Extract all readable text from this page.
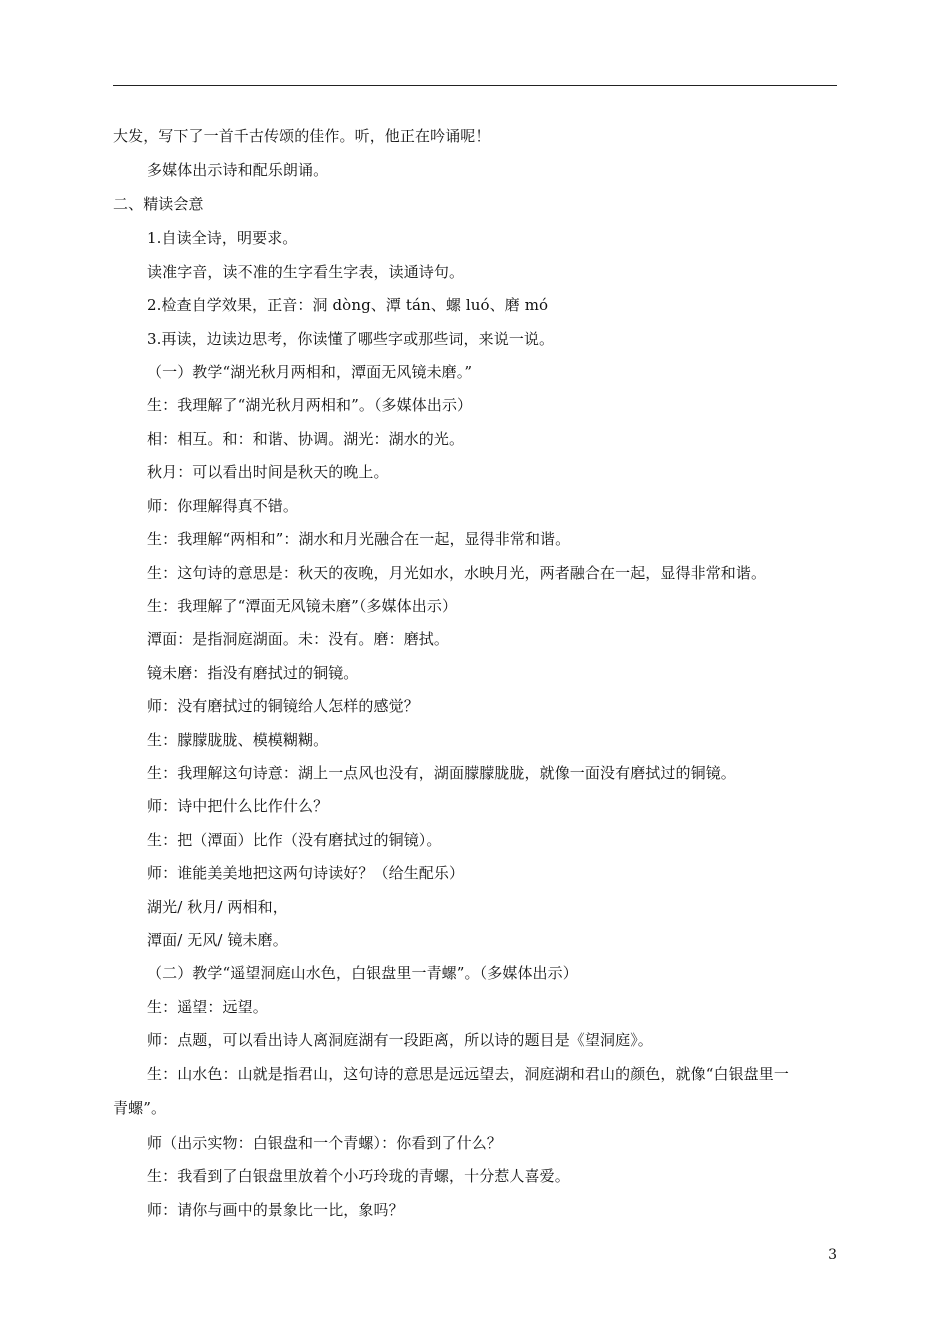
大发，写下了一首千古传颂的佳作。听，他正在吟诵呢！
多媒体出示诗和配乐朗诵。
二、精读会意
1.自读全诗，明要求。
读准字音，读不准的生字看生字表，读通诗句。
2.检查自学效果，正音：洞 dòng、潭 tán、螺 luó、磨 mó
3.再读，边读边思考，你读懂了哪些字或那些词，来说一说。
（一）教学“湖光秋月两相和，潭面无风镜未磨。”
生：我理解了“湖光秋月两相和”。（多媒体出示）
相：相互。和：和谐、协调。湖光：湖水的光。
秋月：可以看出时间是秋天的晚上。
师：你理解得真不错。
生：我理解“两相和”：湖水和月光融合在一起，显得非常和谐。
生：这句诗的意思是：秋天的夜晚，月光如水，水映月光，两者融合在一起，显得非常和谐。
生：我理解了“潭面无风镜未磨”（多媒体出示）
潭面：是指洞庭湖面。未：没有。磨：磨拭。
镜未磨：指没有磨拭过的铜镜。
师：没有磨拭过的铜镜给人怎样的感觉？
生：朦朦胧胧、模模糊糊。
生：我理解这句诗意：湖上一点风也没有，湖面朦朦胧胧，就像一面没有磨拭过的铜镜。
师：诗中把什么比作什么？
生：把（潭面）比作（没有磨拭过的铜镜）。
师：谁能美美地把这两句诗读好？（给生配乐）
湖光/ 秋月/ 两相和，
潭面/ 无风/ 镜未磨。
（二）教学“遥望洞庭山水色，白银盘里一青螺”。（多媒体出示）
生：遥望：远望。
师：点题，可以看出诗人离洞庭湖有一段距离，所以诗的题目是《望洞庭》。
生：山水色：山就是指君山，这句诗的意思是远远望去，洞庭湖和君山的颜色，就像“白银盘里一
青螺”。
师（出示实物：白银盘和一个青螺）：你看到了什么？
生：我看到了白银盘里放着个小巧玲珑的青螺，十分惹人喜爱。
师：请你与画中的景象比一比，象吗？
3
